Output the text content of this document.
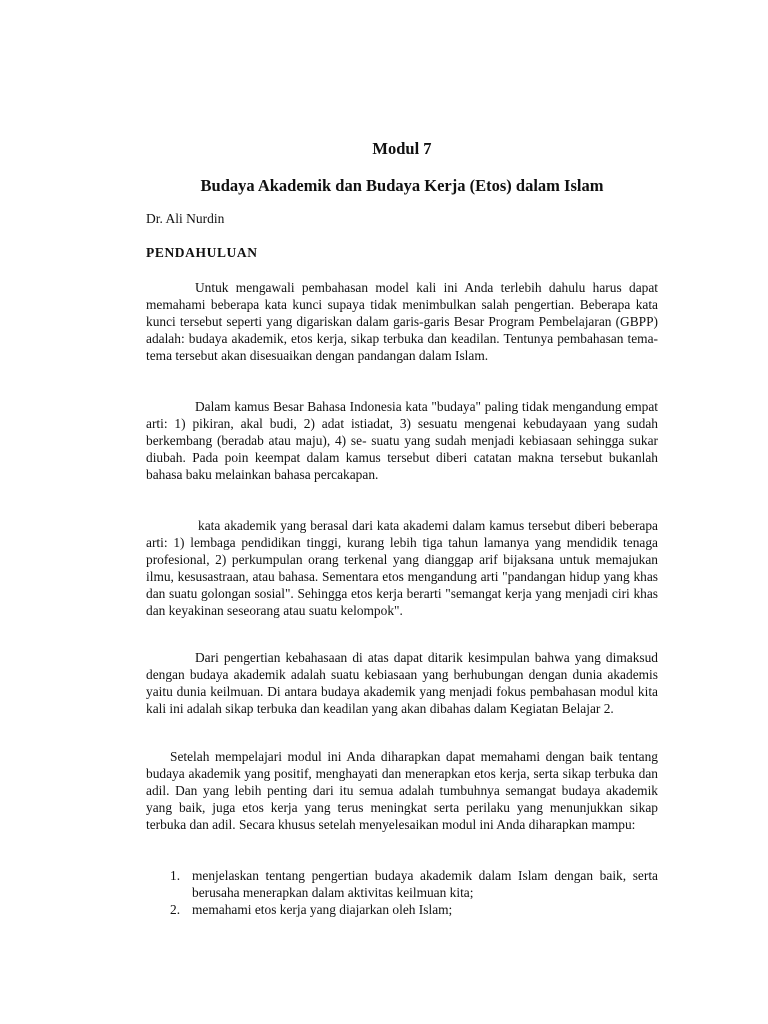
Modul 7
Budaya Akademik dan Budaya Kerja (Etos) dalam Islam

Dr. Ali Nurdin

PENDAHULUAN

Untuk mengawali pembahasan model kali ini Anda terlebih dahulu harus dapat memahami beberapa kata kunci supaya tidak menimbulkan salah pengertian. Beberapa kata kunci tersebut seperti yang digariskan dalam garis-garis Besar Program Pembelajaran (GBPP) adalah: budaya akademik, etos kerja, sikap terbuka dan keadilan. Tentunya pembahasan tema-tema tersebut akan disesuaikan dengan pandangan dalam Islam.

Dalam kamus Besar Bahasa Indonesia kata "budaya" paling tidak mengandung empat arti: 1) pikiran, akal budi, 2) adat istiadat, 3) sesuatu mengenai kebudayaan yang sudah berkembang (beradab atau maju), 4) se- suatu yang sudah menjadi kebiasaan sehingga sukar diubah. Pada poin keempat dalam kamus tersebut diberi catatan makna tersebut bukanlah bahasa baku melainkan bahasa percakapan.

kata akademik yang berasal dari kata akademi dalam kamus tersebut diberi beberapa arti: 1) lembaga pendidikan tinggi, kurang lebih tiga tahun lamanya yang mendidik tenaga profesional, 2) perkumpulan orang terkenal yang dianggap arif bijaksana untuk memajukan ilmu, kesusastraan, atau bahasa. Sementara etos mengandung arti "pandangan hidup yang khas dan suatu golongan sosial". Sehingga etos kerja berarti "semangat kerja yang menjadi ciri khas dan keyakinan seseorang atau suatu kelompok".

Dari pengertian kebahasaan di atas dapat ditarik kesimpulan bahwa yang dimaksud dengan budaya akademik adalah suatu kebiasaan yang berhubungan dengan dunia akademis yaitu dunia keilmuan. Di antara budaya akademik yang menjadi fokus pembahasan modul kita kali ini adalah sikap terbuka dan keadilan yang akan dibahas dalam Kegiatan Belajar 2.

Setelah mempelajari modul ini Anda diharapkan dapat memahami dengan baik tentang budaya akademik yang positif, menghayati dan menerapkan etos kerja, serta sikap terbuka dan adil. Dan yang lebih penting dari itu semua adalah tumbuhnya semangat budaya akademik yang baik, juga etos kerja yang terus meningkat serta perilaku yang menunjukkan sikap terbuka dan adil. Secara khusus setelah menyelesaikan modul ini Anda diharapkan mampu:

1. menjelaskan tentang pengertian budaya akademik dalam Islam dengan baik, serta berusaha menerapkan dalam aktivitas keilmuan kita;
2. memahami etos kerja yang diajarkan oleh Islam;
